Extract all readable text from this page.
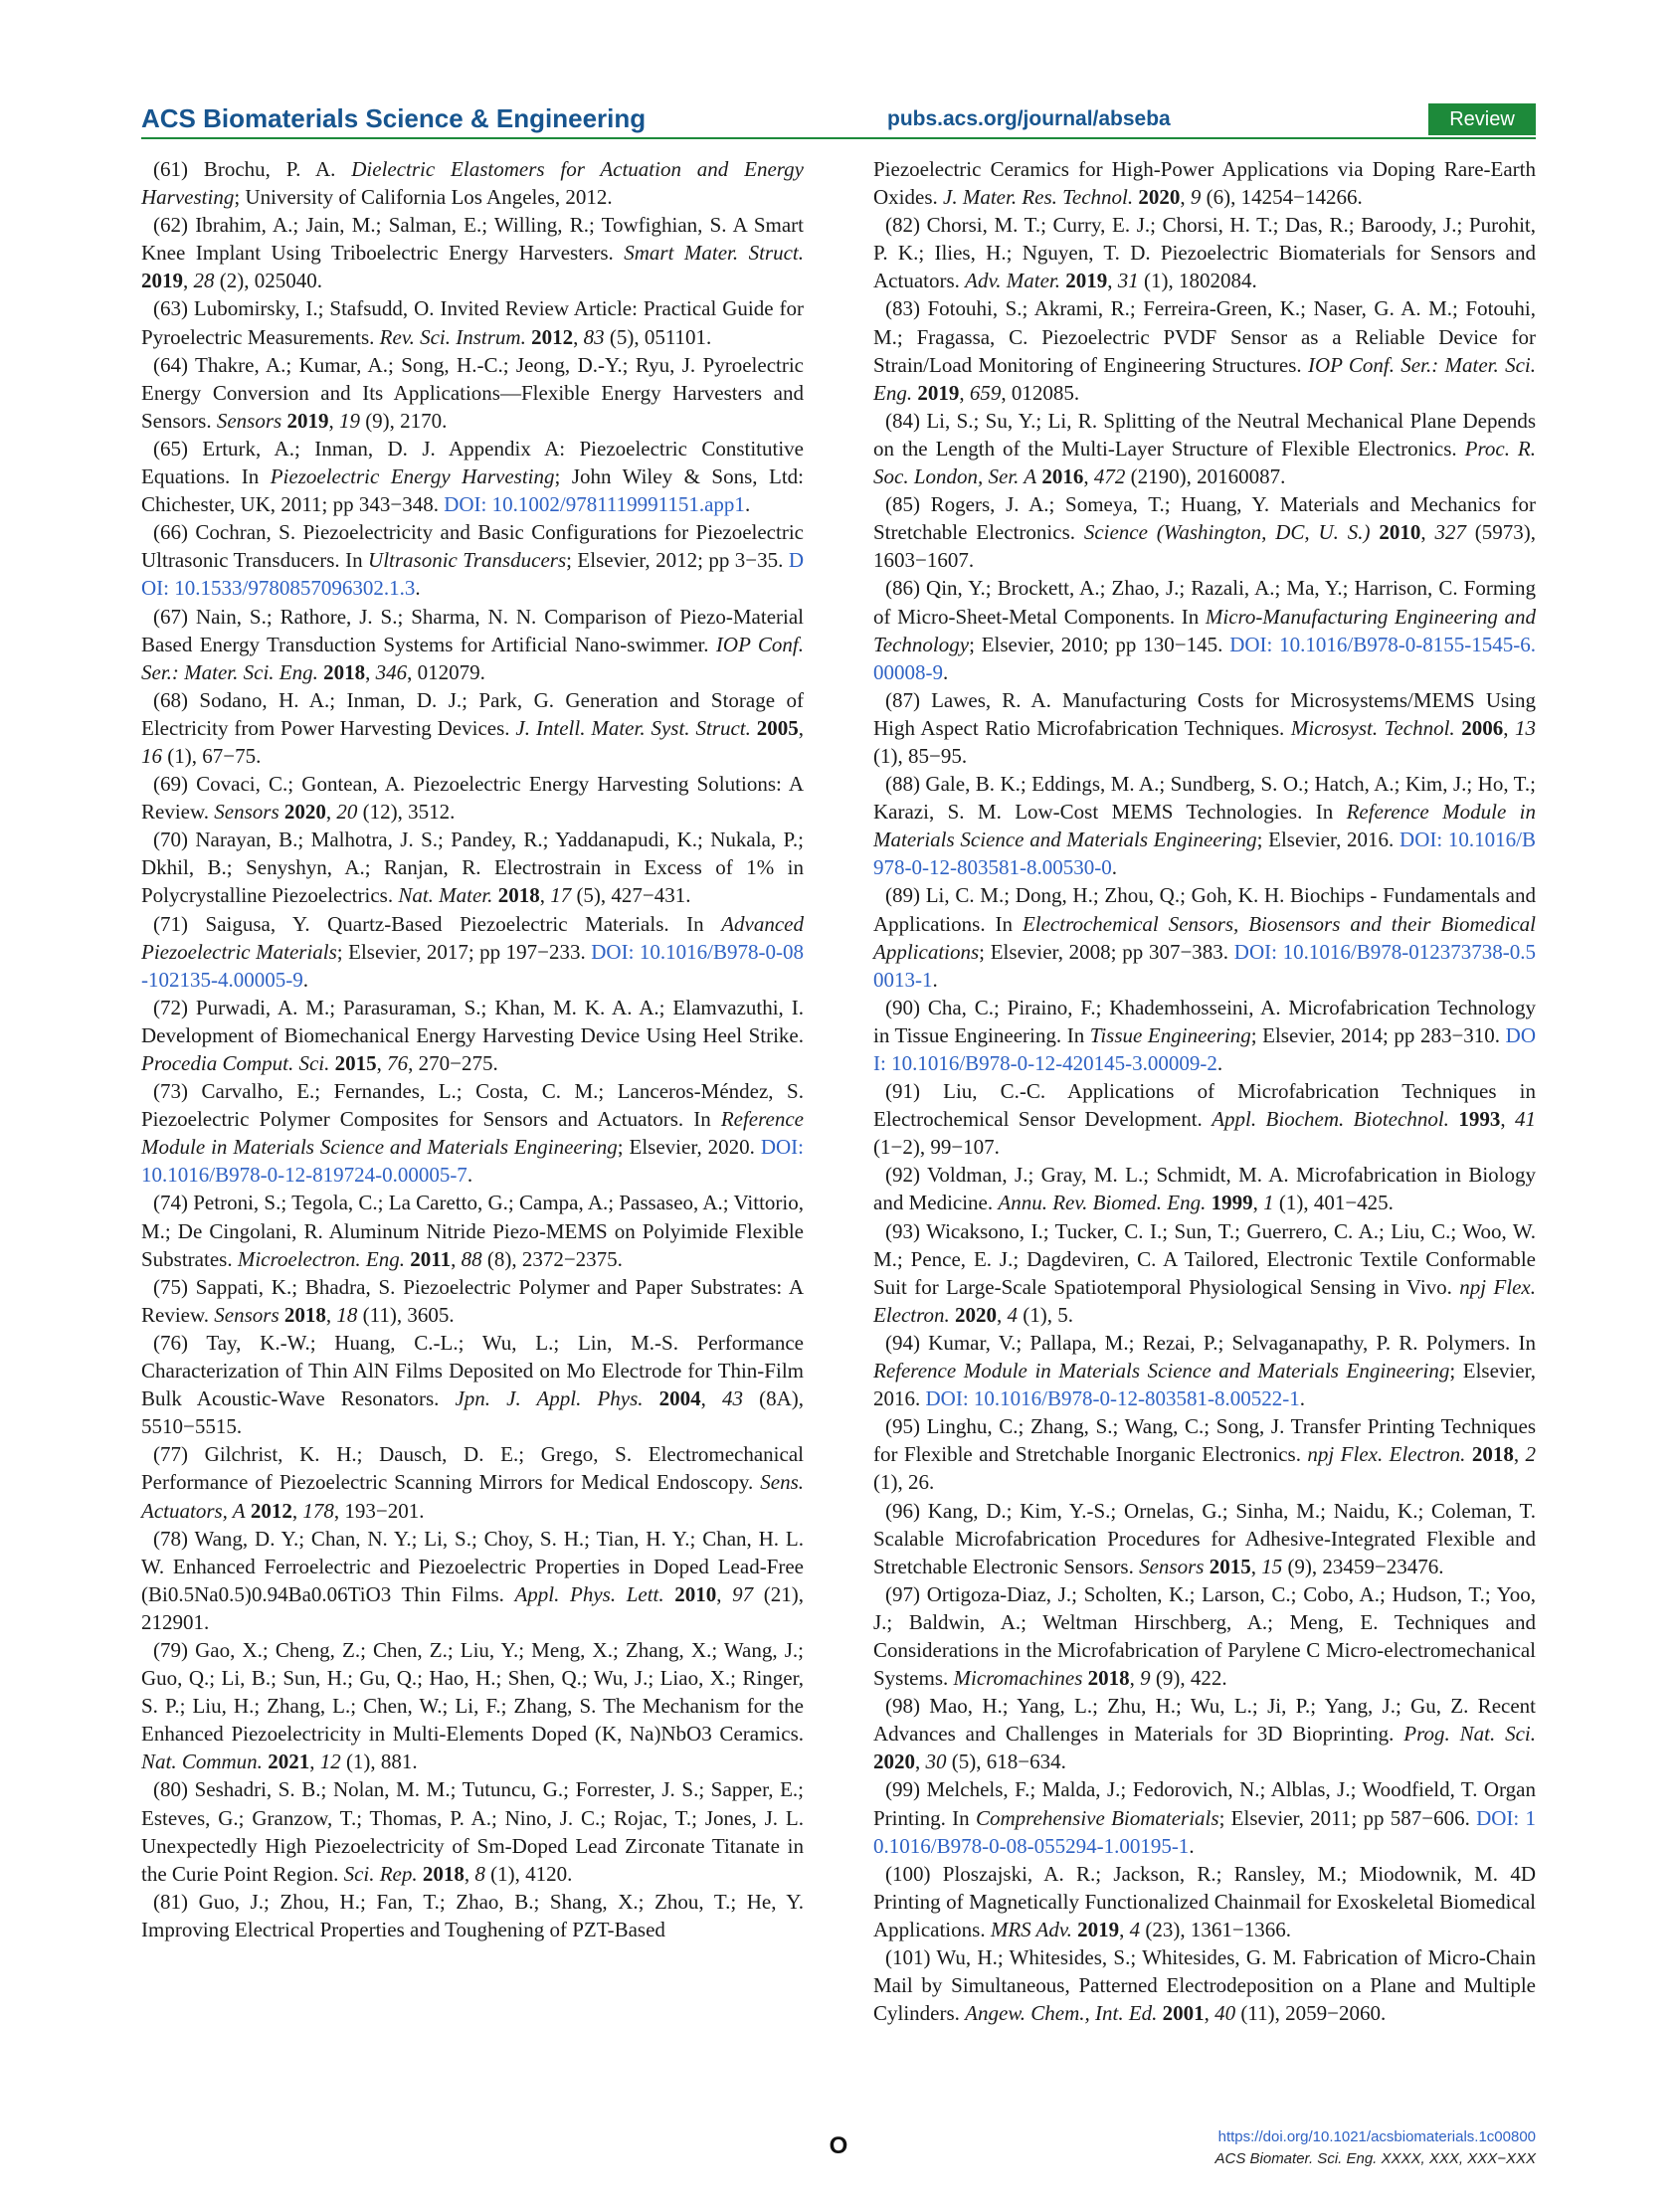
ACS Biomaterials Science & Engineering	pubs.acs.org/journal/abseba	Review

(61) Brochu, P. A. Dielectric Elastomers for Actuation and Energy Harvesting; University of California Los Angeles, 2012.

(62) Ibrahim, A.; Jain, M.; Salman, E.; Willing, R.; Towfighian, S. A Smart Knee Implant Using Triboelectric Energy Harvesters. Smart Mater. Struct. 2019, 28 (2), 025040.

(63) Lubomirsky, I.; Stafsudd, O. Invited Review Article: Practical Guide for Pyroelectric Measurements. Rev. Sci. Instrum. 2012, 83 (5), 051101.

(64) Thakre, A.; Kumar, A.; Song, H.-C.; Jeong, D.-Y.; Ryu, J. Pyroelectric Energy Conversion and Its Applications—Flexible Energy Harvesters and Sensors. Sensors 2019, 19 (9), 2170.

(65) Erturk, A.; Inman, D. J. Appendix A: Piezoelectric Constitutive Equations. In Piezoelectric Energy Harvesting; John Wiley & Sons, Ltd: Chichester, UK, 2011; pp 343−348. DOI: 10.1002/9781119991151.app1.

(66) Cochran, S. Piezoelectricity and Basic Configurations for Piezoelectric Ultrasonic Transducers. In Ultrasonic Transducers; Elsevier, 2012; pp 3−35. DOI: 10.1533/9780857096302.1.3.

(67) Nain, S.; Rathore, J. S.; Sharma, N. N. Comparison of Piezo-Material Based Energy Transduction Systems for Artificial Nano-swimmer. IOP Conf. Ser.: Mater. Sci. Eng. 2018, 346, 012079.

(68) Sodano, H. A.; Inman, D. J.; Park, G. Generation and Storage of Electricity from Power Harvesting Devices. J. Intell. Mater. Syst. Struct. 2005, 16 (1), 67−75.

(69) Covaci, C.; Gontean, A. Piezoelectric Energy Harvesting Solutions: A Review. Sensors 2020, 20 (12), 3512.

(70) Narayan, B.; Malhotra, J. S.; Pandey, R.; Yaddanapudi, K.; Nukala, P.; Dkhil, B.; Senyshyn, A.; Ranjan, R. Electrostrain in Excess of 1% in Polycrystalline Piezoelectrics. Nat. Mater. 2018, 17 (5), 427−431.

(71) Saigusa, Y. Quartz-Based Piezoelectric Materials. In Advanced Piezoelectric Materials; Elsevier, 2017; pp 197−233. DOI: 10.1016/B978-0-08-102135-4.00005-9.

(72) Purwadi, A. M.; Parasuraman, S.; Khan, M. K. A. A.; Elamvazuthi, I. Development of Biomechanical Energy Harvesting Device Using Heel Strike. Procedia Comput. Sci. 2015, 76, 270−275.

(73) Carvalho, E.; Fernandes, L.; Costa, C. M.; Lanceros-Méndez, S. Piezoelectric Polymer Composites for Sensors and Actuators. In Reference Module in Materials Science and Materials Engineering; Elsevier, 2020. DOI: 10.1016/B978-0-12-819724-0.00005-7.

(74) Petroni, S.; Tegola, C.; La Caretto, G.; Campa, A.; Passaseo, A.; Vittorio, M.; De Cingolani, R. Aluminum Nitride Piezo-MEMS on Polyimide Flexible Substrates. Microelectron. Eng. 2011, 88 (8), 2372−2375.

(75) Sappati, K.; Bhadra, S. Piezoelectric Polymer and Paper Substrates: A Review. Sensors 2018, 18 (11), 3605.

(76) Tay, K.-W.; Huang, C.-L.; Wu, L.; Lin, M.-S. Performance Characterization of Thin AlN Films Deposited on Mo Electrode for Thin-Film Bulk Acoustic-Wave Resonators. Jpn. J. Appl. Phys. 2004, 43 (8A), 5510−5515.

(77) Gilchrist, K. H.; Dausch, D. E.; Grego, S. Electromechanical Performance of Piezoelectric Scanning Mirrors for Medical Endoscopy. Sens. Actuators, A 2012, 178, 193−201.

(78) Wang, D. Y.; Chan, N. Y.; Li, S.; Choy, S. H.; Tian, H. Y.; Chan, H. L. W. Enhanced Ferroelectric and Piezoelectric Properties in Doped Lead-Free (Bi0.5Na0.5)0.94Ba0.06TiO3 Thin Films. Appl. Phys. Lett. 2010, 97 (21), 212901.

(79) Gao, X.; Cheng, Z.; Chen, Z.; Liu, Y.; Meng, X.; Zhang, X.; Wang, J.; Guo, Q.; Li, B.; Sun, H.; Gu, Q.; Hao, H.; Shen, Q.; Wu, J.; Liao, X.; Ringer, S. P.; Liu, H.; Zhang, L.; Chen, W.; Li, F.; Zhang, S. The Mechanism for the Enhanced Piezoelectricity in Multi-Elements Doped (K, Na)NbO3 Ceramics. Nat. Commun. 2021, 12 (1), 881.

(80) Seshadri, S. B.; Nolan, M. M.; Tutuncu, G.; Forrester, J. S.; Sapper, E.; Esteves, G.; Granzow, T.; Thomas, P. A.; Nino, J. C.; Rojac, T.; Jones, J. L. Unexpectedly High Piezoelectricity of Sm-Doped Lead Zirconate Titanate in the Curie Point Region. Sci. Rep. 2018, 8 (1), 4120.

(81) Guo, J.; Zhou, H.; Fan, T.; Zhao, B.; Shang, X.; Zhou, T.; He, Y. Improving Electrical Properties and Toughening of PZT-Based

Piezoelectric Ceramics for High-Power Applications via Doping Rare-Earth Oxides. J. Mater. Res. Technol. 2020, 9 (6), 14254−14266.

(82) Chorsi, M. T.; Curry, E. J.; Chorsi, H. T.; Das, R.; Baroody, J.; Purohit, P. K.; Ilies, H.; Nguyen, T. D. Piezoelectric Biomaterials for Sensors and Actuators. Adv. Mater. 2019, 31 (1), 1802084.

(83) Fotouhi, S.; Akrami, R.; Ferreira-Green, K.; Naser, G. A. M.; Fotouhi, M.; Fragassa, C. Piezoelectric PVDF Sensor as a Reliable Device for Strain/Load Monitoring of Engineering Structures. IOP Conf. Ser.: Mater. Sci. Eng. 2019, 659, 012085.

(84) Li, S.; Su, Y.; Li, R. Splitting of the Neutral Mechanical Plane Depends on the Length of the Multi-Layer Structure of Flexible Electronics. Proc. R. Soc. London, Ser. A 2016, 472 (2190), 20160087.

(85) Rogers, J. A.; Someya, T.; Huang, Y. Materials and Mechanics for Stretchable Electronics. Science (Washington, DC, U. S.) 2010, 327 (5973), 1603−1607.

(86) Qin, Y.; Brockett, A.; Zhao, J.; Razali, A.; Ma, Y.; Harrison, C. Forming of Micro-Sheet-Metal Components. In Micro-Manufacturing Engineering and Technology; Elsevier, 2010; pp 130−145. DOI: 10.1016/B978-0-8155-1545-6.00008-9.

(87) Lawes, R. A. Manufacturing Costs for Microsystems/MEMS Using High Aspect Ratio Microfabrication Techniques. Microsyst. Technol. 2006, 13 (1), 85−95.

(88) Gale, B. K.; Eddings, M. A.; Sundberg, S. O.; Hatch, A.; Kim, J.; Ho, T.; Karazi, S. M. Low-Cost MEMS Technologies. In Reference Module in Materials Science and Materials Engineering; Elsevier, 2016. DOI: 10.1016/B978-0-12-803581-8.00530-0.

(89) Li, C. M.; Dong, H.; Zhou, Q.; Goh, K. H. Biochips - Fundamentals and Applications. In Electrochemical Sensors, Biosensors and their Biomedical Applications; Elsevier, 2008; pp 307−383. DOI: 10.1016/B978-012373738-0.50013-1.

(90) Cha, C.; Piraino, F.; Khademhosseini, A. Microfabrication Technology in Tissue Engineering. In Tissue Engineering; Elsevier, 2014; pp 283−310. DOI: 10.1016/B978-0-12-420145-3.00009-2.

(91) Liu, C.-C. Applications of Microfabrication Techniques in Electrochemical Sensor Development. Appl. Biochem. Biotechnol. 1993, 41 (1−2), 99−107.

(92) Voldman, J.; Gray, M. L.; Schmidt, M. A. Microfabrication in Biology and Medicine. Annu. Rev. Biomed. Eng. 1999, 1 (1), 401−425.

(93) Wicaksono, I.; Tucker, C. I.; Sun, T.; Guerrero, C. A.; Liu, C.; Woo, W. M.; Pence, E. J.; Dagdeviren, C. A Tailored, Electronic Textile Conformable Suit for Large-Scale Spatiotemporal Physiological Sensing in Vivo. npj Flex. Electron. 2020, 4 (1), 5.

(94) Kumar, V.; Pallapa, M.; Rezai, P.; Selvaganapathy, P. R. Polymers. In Reference Module in Materials Science and Materials Engineering; Elsevier, 2016. DOI: 10.1016/B978-0-12-803581-8.00522-1.

(95) Linghu, C.; Zhang, S.; Wang, C.; Song, J. Transfer Printing Techniques for Flexible and Stretchable Inorganic Electronics. npj Flex. Electron. 2018, 2 (1), 26.

(96) Kang, D.; Kim, Y.-S.; Ornelas, G.; Sinha, M.; Naidu, K.; Coleman, T. Scalable Microfabrication Procedures for Adhesive-Integrated Flexible and Stretchable Electronic Sensors. Sensors 2015, 15 (9), 23459−23476.

(97) Ortigoza-Diaz, J.; Scholten, K.; Larson, C.; Cobo, A.; Hudson, T.; Yoo, J.; Baldwin, A.; Weltman Hirschberg, A.; Meng, E. Techniques and Considerations in the Microfabrication of Parylene C Micro-electromechanical Systems. Micromachines 2018, 9 (9), 422.

(98) Mao, H.; Yang, L.; Zhu, H.; Wu, L.; Ji, P.; Yang, J.; Gu, Z. Recent Advances and Challenges in Materials for 3D Bioprinting. Prog. Nat. Sci. 2020, 30 (5), 618−634.

(99) Melchels, F.; Malda, J.; Fedorovich, N.; Alblas, J.; Woodfield, T. Organ Printing. In Comprehensive Biomaterials; Elsevier, 2011; pp 587−606. DOI: 10.1016/B978-0-08-055294-1.00195-1.

(100) Ploszajski, A. R.; Jackson, R.; Ransley, M.; Miodownik, M. 4D Printing of Magnetically Functionalized Chainmail for Exoskeletal Biomedical Applications. MRS Adv. 2019, 4 (23), 1361−1366.

(101) Wu, H.; Whitesides, S.; Whitesides, G. M. Fabrication of Micro-Chain Mail by Simultaneous, Patterned Electrodeposition on a Plane and Multiple Cylinders. Angew. Chem., Int. Ed. 2001, 40 (11), 2059−2060.

O	https://doi.org/10.1021/acsbiomaterials.1c00800
ACS Biomater. Sci. Eng. XXXX, XXX, XXX−XXX
